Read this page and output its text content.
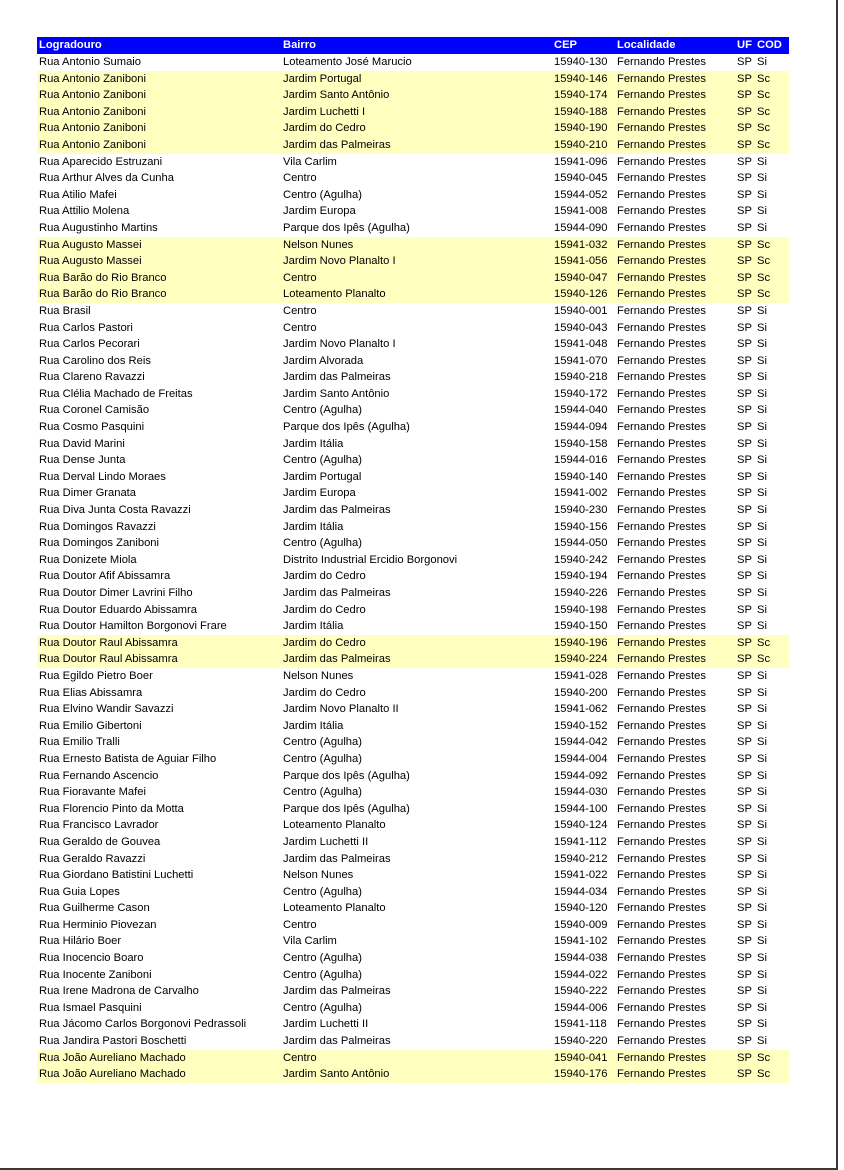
Logradouro	Bairro	CEP	Localidade	UF	COD
Rua Antonio Sumaio	Loteamento José Marucio	15940-130	Fernando Prestes	SP	Si
Rua Antonio Zaniboni	Jardim Portugal	15940-146	Fernando Prestes	SP	Sc
Rua Antonio Zaniboni	Jardim Santo Antônio	15940-174	Fernando Prestes	SP	Sc
Rua Antonio Zaniboni	Jardim Luchetti I	15940-188	Fernando Prestes	SP	Sc
Rua Antonio Zaniboni	Jardim do Cedro	15940-190	Fernando Prestes	SP	Sc
Rua Antonio Zaniboni	Jardim das Palmeiras	15940-210	Fernando Prestes	SP	Sc
Rua Aparecido Estruzani	Vila Carlim	15941-096	Fernando Prestes	SP	Si
Rua Arthur Alves da Cunha	Centro	15940-045	Fernando Prestes	SP	Si
Rua Atilio Mafei	Centro (Agulha)	15944-052	Fernando Prestes	SP	Si
Rua Attilio Molena	Jardim Europa	15941-008	Fernando Prestes	SP	Si
Rua Augustinho Martins	Parque dos Ipês (Agulha)	15944-090	Fernando Prestes	SP	Si
Rua Augusto Massei	Nelson Nunes	15941-032	Fernando Prestes	SP	Sc
Rua Augusto Massei	Jardim Novo Planalto I	15941-056	Fernando Prestes	SP	Sc
Rua Barão do Rio Branco	Centro	15940-047	Fernando Prestes	SP	Sc
Rua Barão do Rio Branco	Loteamento Planalto	15940-126	Fernando Prestes	SP	Sc
Rua Brasil	Centro	15940-001	Fernando Prestes	SP	Si
Rua Carlos Pastori	Centro	15940-043	Fernando Prestes	SP	Si
Rua Carlos Pecorari	Jardim Novo Planalto I	15941-048	Fernando Prestes	SP	Si
Rua Carolino dos Reis	Jardim Alvorada	15941-070	Fernando Prestes	SP	Si
Rua Clareno Ravazzi	Jardim das Palmeiras	15940-218	Fernando Prestes	SP	Si
Rua Clélia Machado de Freitas	Jardim Santo Antônio	15940-172	Fernando Prestes	SP	Si
Rua Coronel Camisão	Centro (Agulha)	15944-040	Fernando Prestes	SP	Si
Rua Cosmo Pasquini	Parque dos Ipês (Agulha)	15944-094	Fernando Prestes	SP	Si
Rua David Marini	Jardim Itália	15940-158	Fernando Prestes	SP	Si
Rua Dense Junta	Centro (Agulha)	15944-016	Fernando Prestes	SP	Si
Rua Derval Lindo Moraes	Jardim Portugal	15940-140	Fernando Prestes	SP	Si
Rua Dimer Granata	Jardim Europa	15941-002	Fernando Prestes	SP	Si
Rua Diva Junta Costa Ravazzi	Jardim das Palmeiras	15940-230	Fernando Prestes	SP	Si
Rua Domingos Ravazzi	Jardim Itália	15940-156	Fernando Prestes	SP	Si
Rua Domingos Zaniboni	Centro (Agulha)	15944-050	Fernando Prestes	SP	Si
Rua Donizete Miola	Distrito Industrial Ercidio Borgonovi	15940-242	Fernando Prestes	SP	Si
Rua Doutor Afif Abissamra	Jardim do Cedro	15940-194	Fernando Prestes	SP	Si
Rua Doutor Dimer Lavrini Filho	Jardim das Palmeiras	15940-226	Fernando Prestes	SP	Si
Rua Doutor Eduardo Abissamra	Jardim do Cedro	15940-198	Fernando Prestes	SP	Si
Rua Doutor Hamilton Borgonovi Frare	Jardim Itália	15940-150	Fernando Prestes	SP	Si
Rua Doutor Raul Abissamra	Jardim do Cedro	15940-196	Fernando Prestes	SP	Sc
Rua Doutor Raul Abissamra	Jardim das Palmeiras	15940-224	Fernando Prestes	SP	Sc
Rua Egildo Pietro Boer	Nelson Nunes	15941-028	Fernando Prestes	SP	Si
Rua Elias Abissamra	Jardim do Cedro	15940-200	Fernando Prestes	SP	Si
Rua Elvino Wandir Savazzi	Jardim Novo Planalto II	15941-062	Fernando Prestes	SP	Si
Rua Emilio Gibertoni	Jardim Itália	15940-152	Fernando Prestes	SP	Si
Rua Emilio Tralli	Centro (Agulha)	15944-042	Fernando Prestes	SP	Si
Rua Ernesto Batista de Aguiar Filho	Centro (Agulha)	15944-004	Fernando Prestes	SP	Si
Rua Fernando Ascencio	Parque dos Ipês (Agulha)	15944-092	Fernando Prestes	SP	Si
Rua Fioravante Mafei	Centro (Agulha)	15944-030	Fernando Prestes	SP	Si
Rua Florencio Pinto da Motta	Parque dos Ipês (Agulha)	15944-100	Fernando Prestes	SP	Si
Rua Francisco Lavrador	Loteamento Planalto	15940-124	Fernando Prestes	SP	Si
Rua Geraldo de Gouvea	Jardim Luchetti II	15941-112	Fernando Prestes	SP	Si
Rua Geraldo Ravazzi	Jardim das Palmeiras	15940-212	Fernando Prestes	SP	Si
Rua Giordano Batistini Luchetti	Nelson Nunes	15941-022	Fernando Prestes	SP	Si
Rua Guia Lopes	Centro (Agulha)	15944-034	Fernando Prestes	SP	Si
Rua Guilherme Cason	Loteamento Planalto	15940-120	Fernando Prestes	SP	Si
Rua Herminio Piovezan	Centro	15940-009	Fernando Prestes	SP	Si
Rua Hilário Boer	Vila Carlim	15941-102	Fernando Prestes	SP	Si
Rua Inocencio Boaro	Centro (Agulha)	15944-038	Fernando Prestes	SP	Si
Rua Inocente Zaniboni	Centro (Agulha)	15944-022	Fernando Prestes	SP	Si
Rua Irene Madrona de Carvalho	Jardim das Palmeiras	15940-222	Fernando Prestes	SP	Si
Rua Ismael Pasquini	Centro (Agulha)	15944-006	Fernando Prestes	SP	Si
Rua Jácomo Carlos Borgonovi Pedrassoli	Jardim Luchetti II	15941-118	Fernando Prestes	SP	Si
Rua Jandira Pastori Boschetti	Jardim das Palmeiras	15940-220	Fernando Prestes	SP	Si
Rua João Aureliano Machado	Centro	15940-041	Fernando Prestes	SP	Sc
Rua João Aureliano Machado	Jardim Santo Antônio	15940-176	Fernando Prestes	SP	Sc
